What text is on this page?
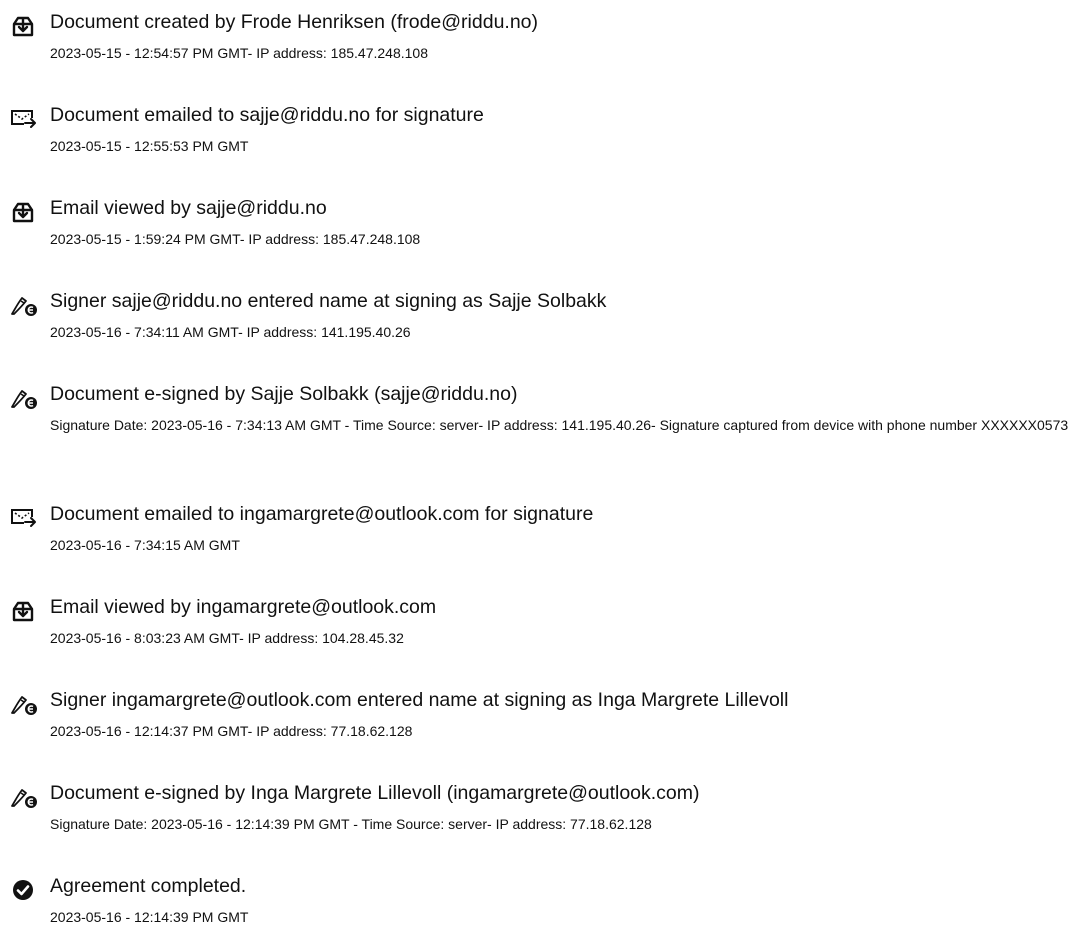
Document created by Frode Henriksen (frode@riddu.no)
2023-05-15 - 12:54:57 PM GMT- IP address: 185.47.248.108
Document emailed to sajje@riddu.no for signature
2023-05-15 - 12:55:53 PM GMT
Email viewed by sajje@riddu.no
2023-05-15 - 1:59:24 PM GMT- IP address: 185.47.248.108
Signer sajje@riddu.no entered name at signing as Sajje Solbakk
2023-05-16 - 7:34:11 AM GMT- IP address: 141.195.40.26
Document e-signed by Sajje Solbakk (sajje@riddu.no)
Signature Date: 2023-05-16 - 7:34:13 AM GMT - Time Source: server- IP address: 141.195.40.26- Signature captured from device with phone number XXXXXX0573
Document emailed to ingamargrete@outlook.com for signature
2023-05-16 - 7:34:15 AM GMT
Email viewed by ingamargrete@outlook.com
2023-05-16 - 8:03:23 AM GMT- IP address: 104.28.45.32
Signer ingamargrete@outlook.com entered name at signing as Inga Margrete Lillevoll
2023-05-16 - 12:14:37 PM GMT- IP address: 77.18.62.128
Document e-signed by Inga Margrete Lillevoll (ingamargrete@outlook.com)
Signature Date: 2023-05-16 - 12:14:39 PM GMT - Time Source: server- IP address: 77.18.62.128
Agreement completed.
2023-05-16 - 12:14:39 PM GMT
